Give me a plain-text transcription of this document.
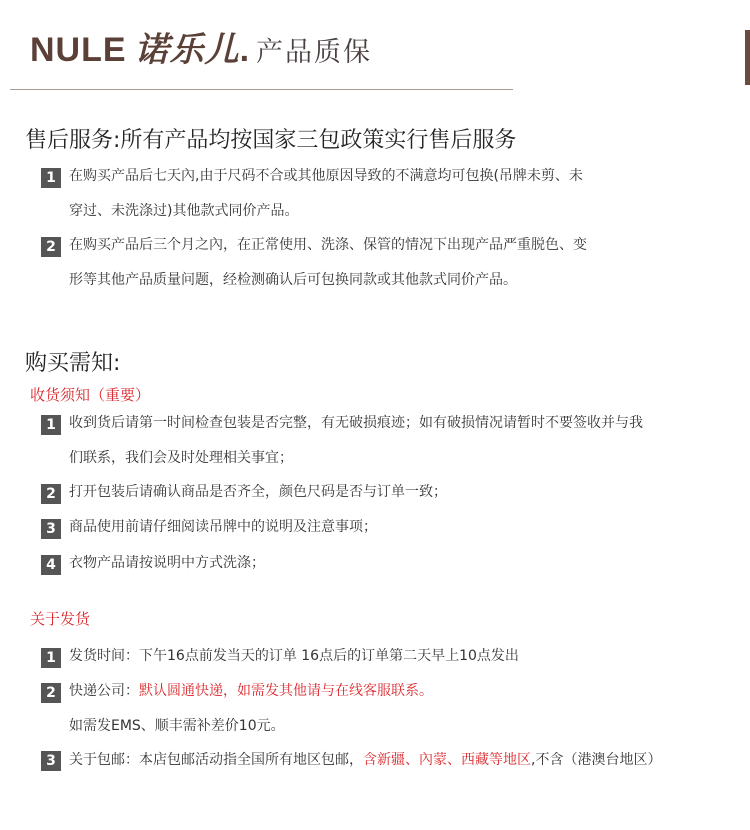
NULE 诺乐儿. 产品质保
售后服务:所有产品均按国家三包政策实行售后服务
1 在购买产品后七天內,由于尺码不合或其他原因导致的不满意均可包换(吊牌未剪、未
穿过、未洗涤过)其他款式同价产品。
2 在购买产品后三个月之內，在正常使用、洗涤、保管的情况下出现产品严重脱色、变
形等其他产品质量问题，经检测确认后可包换同款或其他款式同价产品。
购买需知:
收货须知（重要）
1 收到货后请第一时间检查包装是否完整，有无破损痕迹；如有破损情况请暂时不要签收并与我
们联系，我们会及时处理相关事宜；
2 打开包装后请确认商品是否齐全，颜色尺码是否与订单一致；
3 商品使用前请仔细阅读吊牌中的说明及注意事项；
4 衣物产品请按说明中方式洗涤；
关于发货
1 发货时间：下午16点前发当天的订单 16点后的订单第二天早上10点发出
2 快递公司：默认圆通快递，如需发其他请与在线客服联系。
如需发EMS、顺丰需补差价10元。
3 关于包邮：本店包邮活动指全国所有地区包邮，含新疆、內蒙、西藏等地区,不含（港澳台地区）
